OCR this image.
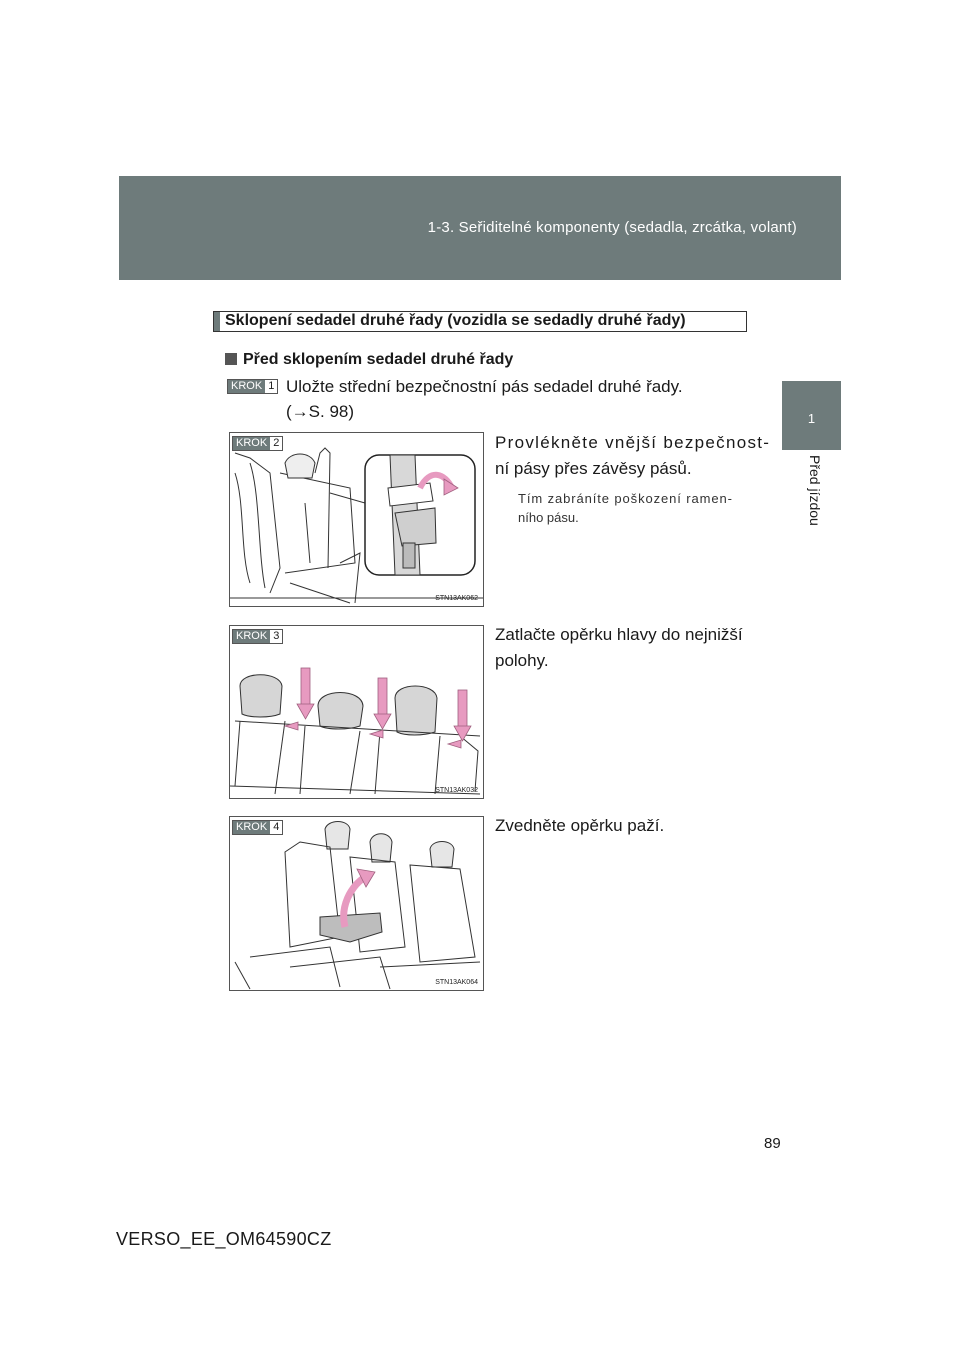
1-3. Seřiditelné komponenty (sedadla, zrcátka, volant)
1
Před jízdou
Sklopení sedadel druhé řady (vozidla se sedadly druhé řady)
Před sklopením sedadel druhé řady
KROK 1 Uložte střední bezpečnostní pás sedadel druhé řady.
(→S. 98)
KROK 2
STN13AK062
Provlékněte vnější bezpečnost-
ní pásy přes závěsy pásů.
Tím zabráníte poškození ramen-
ního pásu.
KROK 3
STN13AK032
Zatlačte opěrku hlavy do nejnižší
polohy.
KROK 4
STN13AK064
Zvedněte opěrku paží.
89
VERSO_EE_OM64590CZ
